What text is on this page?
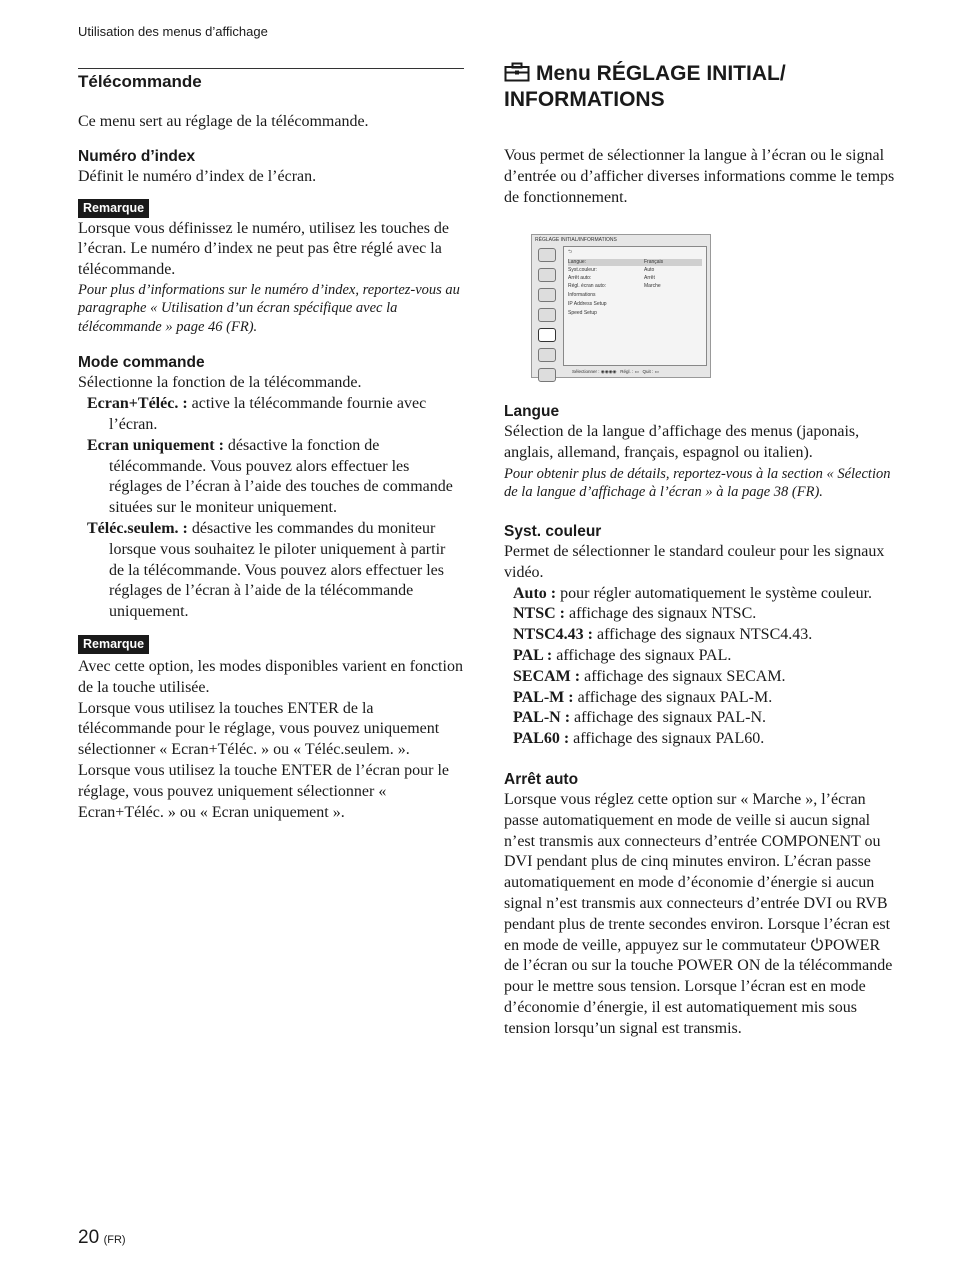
Utilisation des menus d’affichage
Télécommande

Ce menu sert au réglage de la télécommande.

Numéro d’index

Définit le numéro d’index de l’écran.

Remarque

Lorsque vous définissez le numéro, utilisez les touches de l’écran. Le numéro d’index ne peut pas être réglé avec la télécommande.

Pour plus d’informations sur le numéro d’index, reportez-vous au paragraphe « Utilisation d’un écran spécifique avec la télécommande » page 46 (FR).

Mode commande

Sélectionne la fonction de la télécommande.

Ecran+Téléc. : active la télécommande fournie avec l’écran.

Ecran uniquement : désactive la fonction de télécommande. Vous pouvez alors effectuer les réglages de l’écran à l’aide des touches de commande situées sur le moniteur uniquement.

Téléc.seulem. : désactive les commandes du moniteur lorsque vous souhaitez le piloter uniquement à partir de la télécommande. Vous pouvez alors effectuer les réglages de l’écran à l’aide de la télécommande uniquement.

Remarque

Avec cette option, les modes disponibles varient en fonction de la touche utilisée.

Lorsque vous utilisez la touches ENTER de la télécommande pour le réglage, vous pouvez uniquement sélectionner « Ecran+Téléc. » ou « Téléc.seulem. ».

Lorsque vous utilisez la touche ENTER de l’écran pour le réglage, vous pouvez uniquement sélectionner « Ecran+Téléc. » ou « Ecran uniquement ».

Menu RÉGLAGE INITIAL/
INFORMATIONS

Vous permet de sélectionner la langue à l’écran ou le signal d’entrée ou d’afficher diverses informations comme le temps de fonctionnement.

RÉGLAGE INITIAL/INFORMATIONS
⮌
Langue:	Français
Syst.couleur:	Auto
Arrêt auto:	Arrêt
Régl. écran auto:	Marche
Informations
IP Address Setup
Speed Setup
Sélectionner : ◉◉◉◉   Régl. : ▭   Quit : ▭
Langue

Sélection de la langue d’affichage des menus (japonais, anglais, allemand, français, espagnol ou italien).

Pour obtenir plus de détails, reportez-vous à la section « Sélection de la langue d’affichage à l’écran » à la page 38 (FR).

Syst. couleur

Permet de sélectionner le standard couleur pour les signaux vidéo.

Auto : pour régler automatiquement le système couleur.

NTSC : affichage des signaux NTSC.

NTSC4.43 : affichage des signaux NTSC4.43.

PAL : affichage des signaux PAL.

SECAM : affichage des signaux SECAM.

PAL-M : affichage des signaux PAL-M.

PAL-N : affichage des signaux PAL-N.

PAL60 : affichage des signaux PAL60.

Arrêt auto

Lorsque vous réglez cette option sur « Marche », l’écran passe automatiquement en mode de veille si aucun signal n’est transmis aux connecteurs d’entrée COMPONENT ou DVI pendant plus de cinq minutes environ. L’écran passe automatiquement en mode d’économie d’énergie si aucun signal n’est transmis aux connecteurs d’entrée DVI ou RVB pendant plus de trente secondes environ. Lorsque l’écran est en mode de veille, appuyez sur le commutateur POWER de l’écran ou sur la touche POWER ON de la télécommande pour le mettre sous tension. Lorsque l’écran est en mode d’économie d’énergie, il est automatiquement mis sous tension lorsqu’un signal est transmis.

20 (FR)
